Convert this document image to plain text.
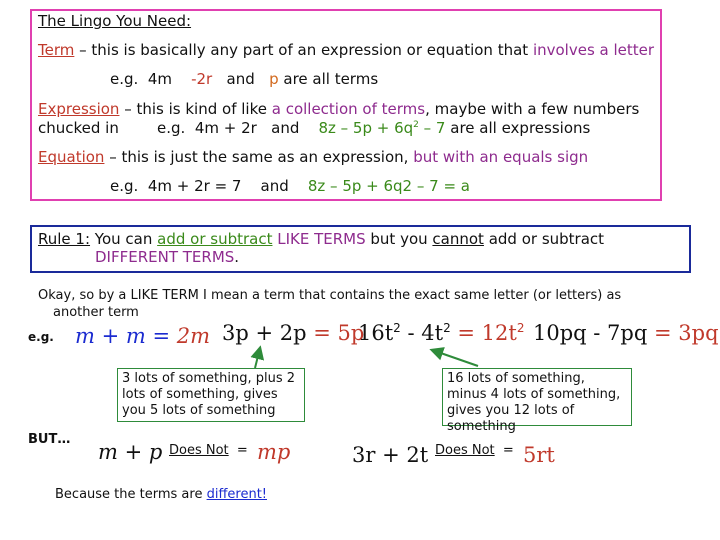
The Lingo You Need:
Term – this is basically any part of an expression or equation that involves a letter
e.g. 4m -2r and p are all terms
Expression – this is kind of like a collection of terms, maybe with a few numbers
chucked in	e.g. 4m + 2r and $8z - 5p + 6q^2 - 7$ are all expressions
Equation – this is just the same as an expression, but with an equals sign
e.g. 4m + 2r = 7 and 8z – 5p + 6q2 – 7 = a
Rule 1: You can add or subtract LIKE TERMS but you cannot add or subtract
DIFFERENT TERMS.
Okay, so by a LIKE TERM I mean a term that contains the exact same letter (or letters) as
another term
e.g. m + m = 2m 3p + 2p = 5p
$16t^2 - 4t^2 = 12t^2$ 10pq - 7pq = 3pq
3 lots of something, plus 2 lots of something, gives you 5 lots of something
16 lots of something, minus 4 lots of something, gives you 12 lots of something
BUT…
m + p Does Not = mp	3r + 2t Does Not = 5rt
Because the terms are different!
